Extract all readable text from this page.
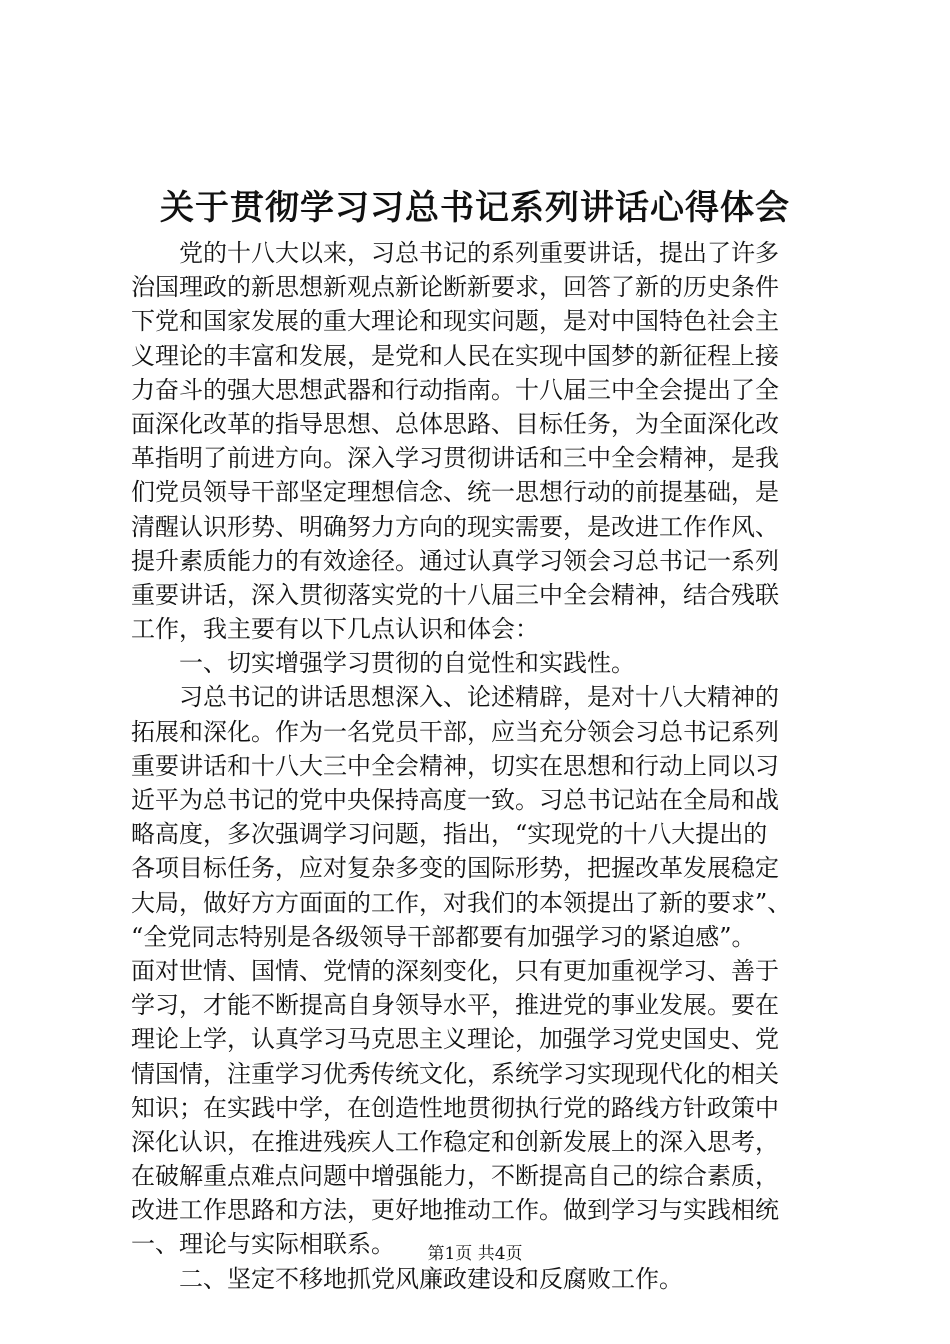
关于贯彻学习习总书记系列讲话心得体会
　　党的十八大以来，习总书记的系列重要讲话，提出了许多
治国理政的新思想新观点新论断新要求，回答了新的历史条件
下党和国家发展的重大理论和现实问题，是对中国特色社会主
义理论的丰富和发展，是党和人民在实现中国梦的新征程上接
力奋斗的强大思想武器和行动指南。十八届三中全会提出了全
面深化改革的指导思想、总体思路、目标任务，为全面深化改
革指明了前进方向。深入学习贯彻讲话和三中全会精神，是我
们党员领导干部坚定理想信念、统一思想行动的前提基础，是
清醒认识形势、明确努力方向的现实需要，是改进工作作风、
提升素质能力的有效途径。通过认真学习领会习总书记一系列
重要讲话，深入贯彻落实党的十八届三中全会精神，结合残联
工作，我主要有以下几点认识和体会：
　　一、切实增强学习贯彻的自觉性和实践性。
　　习总书记的讲话思想深入、论述精辟，是对十八大精神的
拓展和深化。作为一名党员干部，应当充分领会习总书记系列
重要讲话和十八大三中全会精神，切实在思想和行动上同以习
近平为总书记的党中央保持高度一致。习总书记站在全局和战
略高度，多次强调学习问题，指出，“实现党的十八大提出的
各项目标任务，应对复杂多变的国际形势，把握改革发展稳定
大局，做好方方面面的工作，对我们的本领提出了新的要求”、
“全党同志特别是各级领导干部都要有加强学习的紧迫感”。
面对世情、国情、党情的深刻变化，只有更加重视学习、善于
学习，才能不断提高自身领导水平，推进党的事业发展。要在
理论上学，认真学习马克思主义理论，加强学习党史国史、党
情国情，注重学习优秀传统文化，系统学习实现现代化的相关
知识；在实践中学，在创造性地贯彻执行党的路线方针政策中
深化认识，在推进残疾人工作稳定和创新发展上的深入思考，
在破解重点难点问题中增强能力，不断提高自己的综合素质，
改进工作思路和方法，更好地推动工作。做到学习与实践相统
一、理论与实际相联系。
　　二、坚定不移地抓党风廉政建设和反腐败工作。
第1页 共4页
